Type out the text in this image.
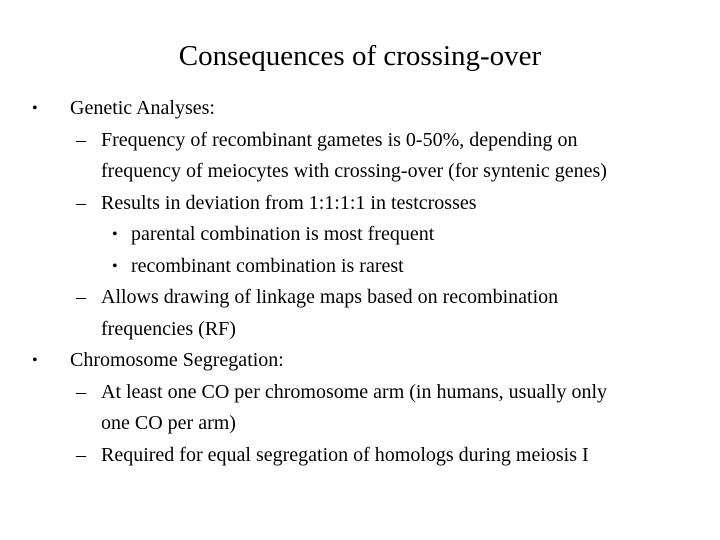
Consequences of crossing-over
• Genetic Analyses:
– Frequency of recombinant gametes is 0-50%, depending on
frequency of meiocytes with crossing-over (for syntenic genes)
– Results in deviation from 1:1:1:1 in testcrosses
• parental combination is most frequent
• recombinant combination is rarest
– Allows drawing of linkage maps based on recombination
frequencies (RF)
• Chromosome Segregation:
– At least one CO per chromosome arm (in humans, usually only
one CO per arm)
– Required for equal segregation of homologs during meiosis I
